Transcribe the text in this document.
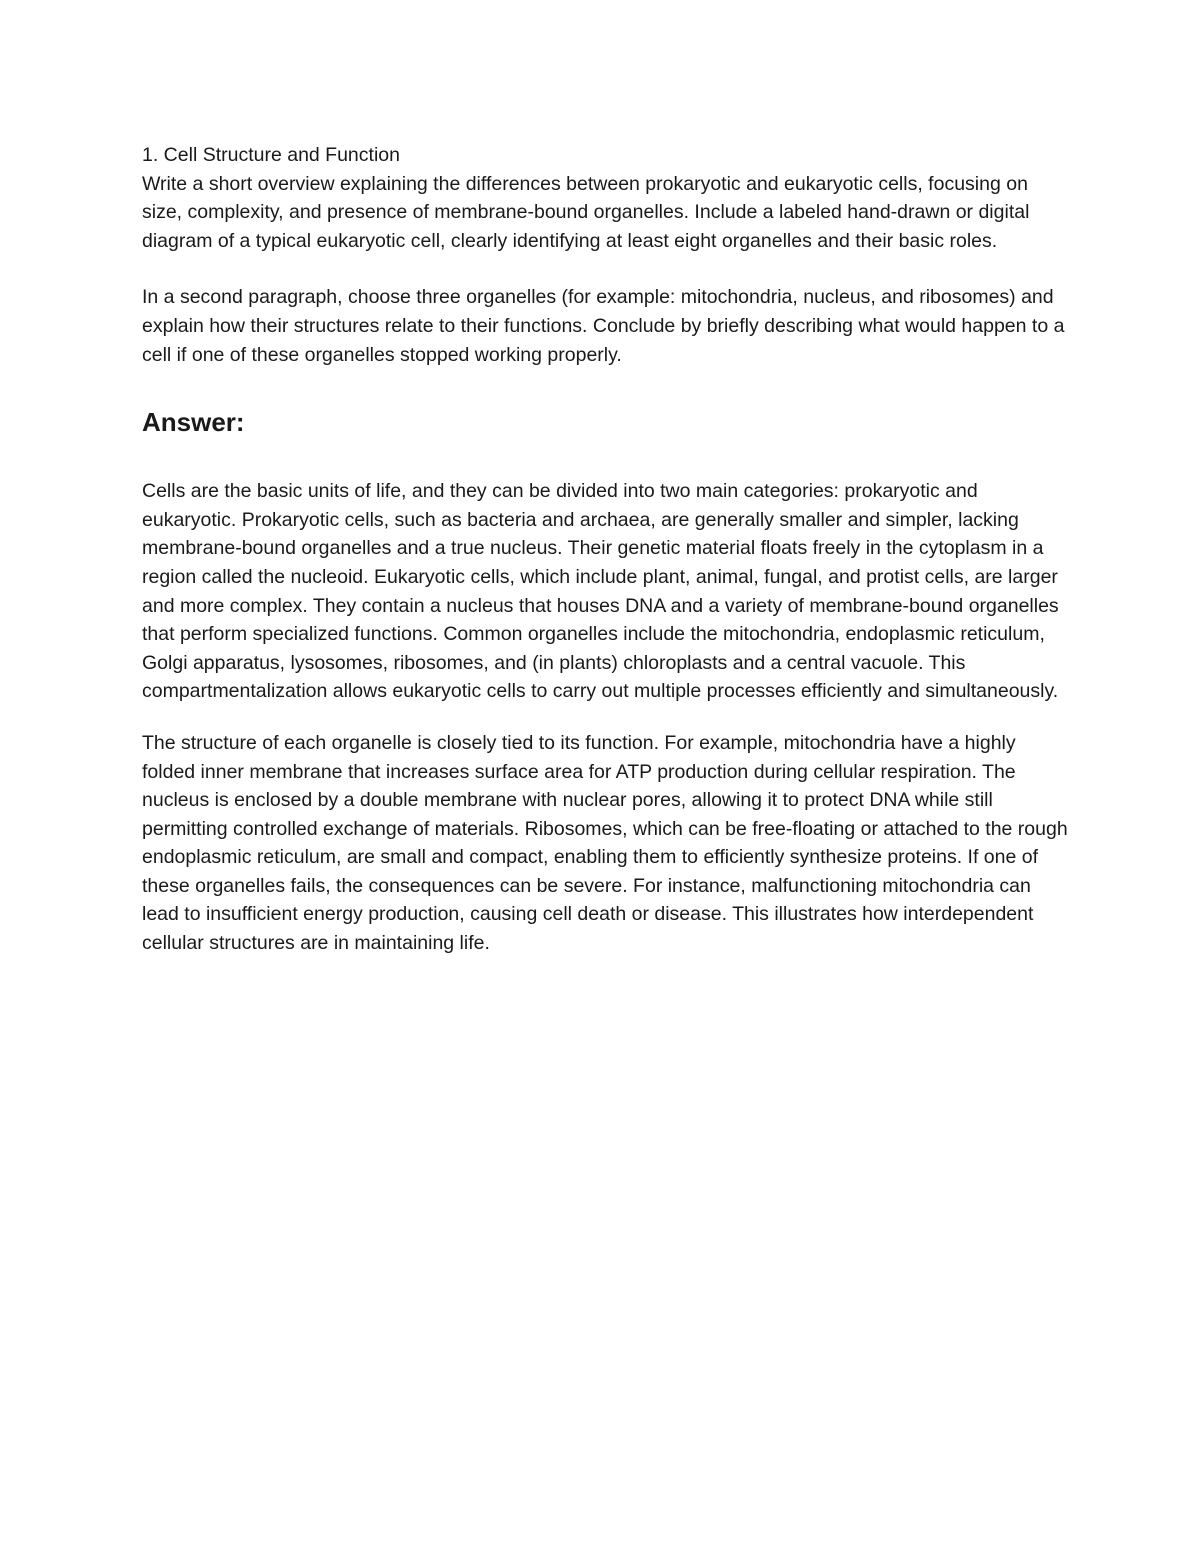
1. Cell Structure and Function

Write a short overview explaining the differences between prokaryotic and eukaryotic cells, focusing on size, complexity, and presence of membrane-bound organelles. Include a labeled hand-drawn or digital diagram of a typical eukaryotic cell, clearly identifying at least eight organelles and their basic roles.

In a second paragraph, choose three organelles (for example: mitochondria, nucleus, and ribosomes) and explain how their structures relate to their functions. Conclude by briefly describing what would happen to a cell if one of these organelles stopped working properly.

Answer:

Cells are the basic units of life, and they can be divided into two main categories: prokaryotic and eukaryotic. Prokaryotic cells, such as bacteria and archaea, are generally smaller and simpler, lacking membrane-bound organelles and a true nucleus. Their genetic material floats freely in the cytoplasm in a region called the nucleoid. Eukaryotic cells, which include plant, animal, fungal, and protist cells, are larger and more complex. They contain a nucleus that houses DNA and a variety of membrane-bound organelles that perform specialized functions. Common organelles include the mitochondria, endoplasmic reticulum, Golgi apparatus, lysosomes, ribosomes, and (in plants) chloroplasts and a central vacuole. This compartmentalization allows eukaryotic cells to carry out multiple processes efficiently and simultaneously.

The structure of each organelle is closely tied to its function. For example, mitochondria have a highly folded inner membrane that increases surface area for ATP production during cellular respiration. The nucleus is enclosed by a double membrane with nuclear pores, allowing it to protect DNA while still permitting controlled exchange of materials. Ribosomes, which can be free-floating or attached to the rough endoplasmic reticulum, are small and compact, enabling them to efficiently synthesize proteins. If one of these organelles fails, the consequences can be severe. For instance, malfunctioning mitochondria can lead to insufficient energy production, causing cell death or disease. This illustrates how interdependent cellular structures are in maintaining life.
